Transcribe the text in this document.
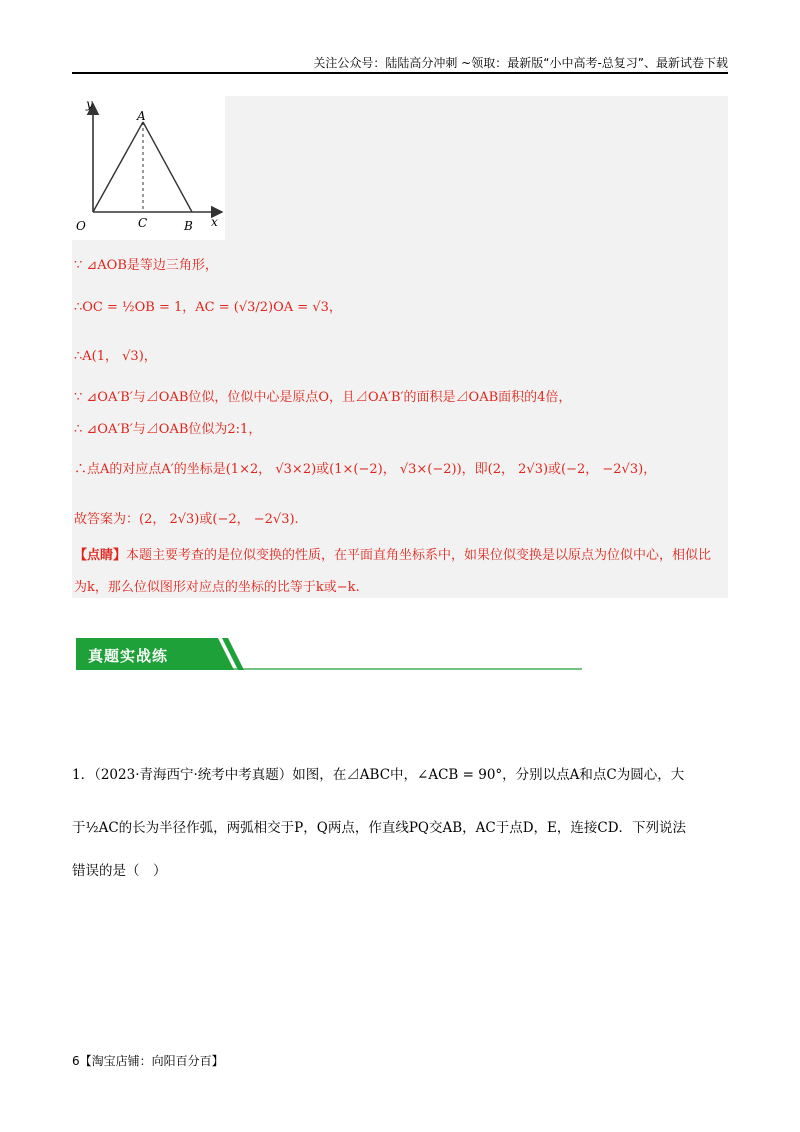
关注公众号：陆陆高分冲刺 ~领取：最新版“小中高考-总复习”、最新试卷下载
y
x
O
A
C	B
∵ ⊿AOB是等边三角形，
∴OC = ½OB = 1，AC = (√3/2)OA = √3，
∴A(1， √3)，
∵ ⊿OA′B′与⊿OAB位似，位似中心是原点O，且⊿OA′B′的面积是⊿OAB面积的4倍，
∴ ⊿OA′B′与⊿OAB位似为2:1，
∴点A的对应点A′的坐标是(1×2， √3×2)或(1×(−2)， √3×(−2))，即(2， 2√3)或(−2， −2√3)，
故答案为：(2， 2√3)或(−2， −2√3).
【点睛】本题主要考查的是位似变换的性质，在平面直角坐标系中，如果位似变换是以原点为位似中心，相似比为k，那么位似图形对应点的坐标的比等于k或−k.
真题实战练
1．（2023·青海西宁·统考中考真题）如图，在⊿ABC中，∠ACB = 90°，分别以点A和点C为圆心，大
于½AC的长为半径作弧，两弧相交于P，Q两点，作直线PQ交AB，AC于点D，E，连接CD．下列说法
错误的是（　）
6【淘宝店铺：向阳百分百】
